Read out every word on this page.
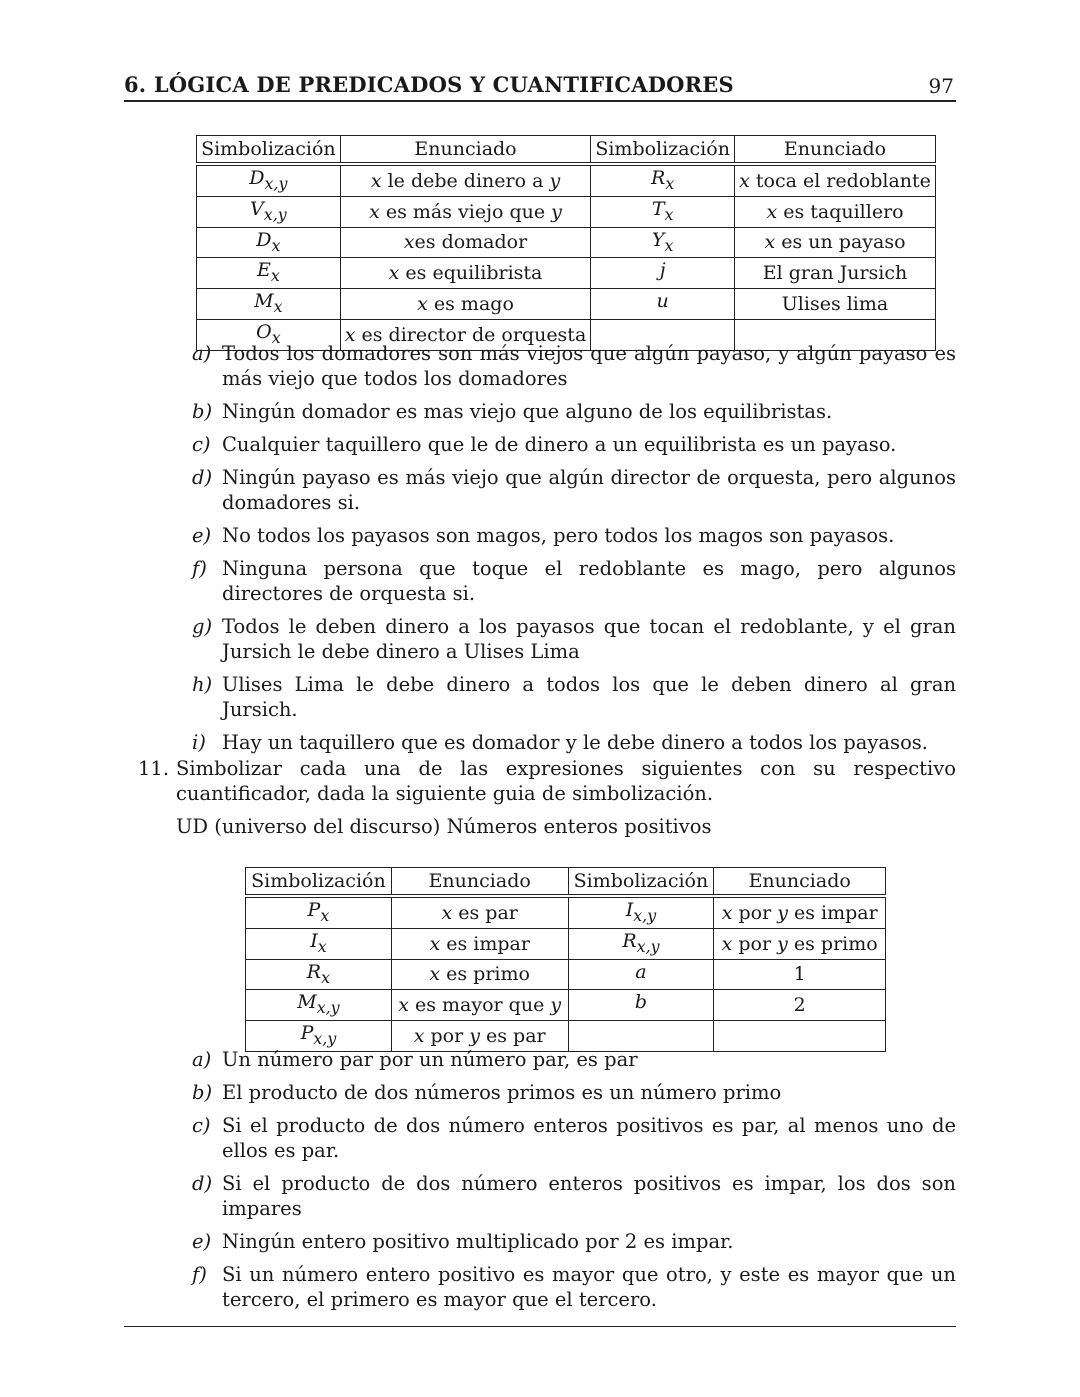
6. LÓGICA DE PREDICADOS Y CUANTIFICADORES	97
Simbolización	Enunciado	Simbolización	Enunciado

$D_{x,y}$	x le debe dinero a y	$R_x$	x toca el redoblante
$V_{x,y}$	x es más viejo que y	$T_x$	x es taquillero
$D_x$	xes domador	$Y_x$	x es un payaso
$E_x$	x es equilibrista	j	El gran Jursich
$M_x$	x es mago	u	Ulises lima
$O_x$	x es director de orquesta		
a) Todos los domadores son más viejos que algún payaso, y algún payaso es más viejo que todos los domadores
b) Ningún domador es mas viejo que alguno de los equilibristas.
c) Cualquier taquillero que le de dinero a un equilibrista es un payaso.
d) Ningún payaso es más viejo que algún director de orquesta, pero algunos domadores si.
e) No todos los payasos son magos, pero todos los magos son payasos.
f) Ninguna persona que toque el redoblante es mago, pero algunos directores de orquesta si.
g) Todos le deben dinero a los payasos que tocan el redoblante, y el gran Jursich le debe dinero a Ulises Lima
h) Ulises Lima le debe dinero a todos los que le deben dinero al gran Jursich.
i) Hay un taquillero que es domador y le debe dinero a todos los payasos.
11. Simbolizar cada una de las expresiones siguientes con su respectivo cuantificador, dada la siguiente guia de simbolización.
UD (universo del discurso) Números enteros positivos
Simbolización	Enunciado	Simbolización	Enunciado

$P_x$	x es par	$I_{x,y}$	x por y es impar
$I_x$	x es impar	$R_{x,y}$	x por y es primo
$R_x$	x es primo	a	1
$M_{x,y}$	x es mayor que y	b	2
$P_{x,y}$	x por y es par		
a) Un número par por un número par, es par
b) El producto de dos números primos es un número primo
c) Si el producto de dos número enteros positivos es par, al menos uno de ellos es par.
d) Si el producto de dos número enteros positivos es impar, los dos son impares
e) Ningún entero positivo multiplicado por 2 es impar.
f) Si un número entero positivo es mayor que otro, y este es mayor que un tercero, el primero es mayor que el tercero.
